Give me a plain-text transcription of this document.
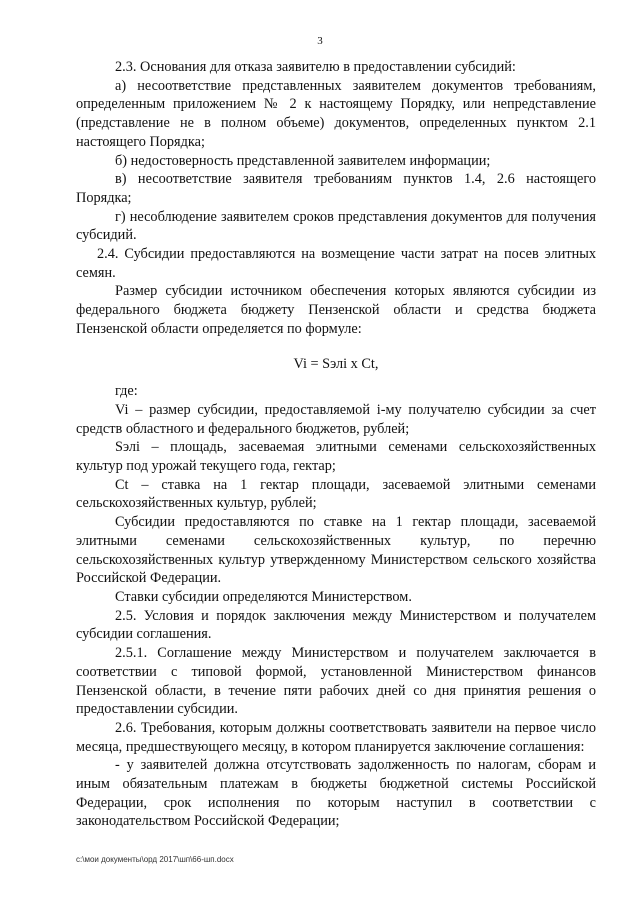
3

2.3. Основания для отказа заявителю в предоставлении субсидий:

а) несоответствие представленных заявителем документов требованиям, определенным приложением № 2 к настоящему Порядку, или непредставление (представление не в полном объеме) документов, определенных пунктом 2.1 настоящего Порядка;

б) недостоверность представленной заявителем информации;

в) несоответствие заявителя требованиям пунктов 1.4, 2.6 настоящего Порядка;

г) несоблюдение заявителем сроков представления документов для получения субсидий.

2.4. Субсидии предоставляются на возмещение части затрат на посев элитных семян.

Размер субсидии источником обеспечения которых являются субсидии из федерального бюджета бюджету Пензенской области и средства бюджета Пензенской области определяется по формуле:

Vi = Sэлi x Ct,

где:

Vi – размер субсидии, предоставляемой i-му получателю субсидии за счет средств областного и федерального бюджетов, рублей;

Sэлi – площадь, засеваемая элитными семенами сельскохозяйственных культур под урожай текущего года, гектар;

Ct – ставка на 1 гектар площади, засеваемой элитными семенами сельскохозяйственных культур, рублей;

Субсидии предоставляются по ставке на 1 гектар площади, засеваемой элитными семенами сельскохозяйственных культур, по перечню сельскохозяйственных культур утвержденному Министерством сельского хозяйства Российской Федерации.

Ставки субсидии определяются Министерством.

2.5. Условия и порядок заключения между Министерством и получателем субсидии соглашения.

2.5.1. Соглашение между Министерством и получателем заключается в соответствии с типовой формой, установленной Министерством финансов Пензенской области, в течение пяти рабочих дней со дня принятия решения о предоставлении субсидии.

2.6. Требования, которым должны соответствовать заявители на первое число месяца, предшествующего месяцу, в котором планируется заключение соглашения:

- у заявителей должна отсутствовать задолженность по налогам, сборам и иным обязательным платежам в бюджеты бюджетной системы Российской Федерации, срок исполнения по которым наступил в соответствии с законодательством Российской Федерации;

c:\мои документы\орд 2017\шп\66-шп.docx
